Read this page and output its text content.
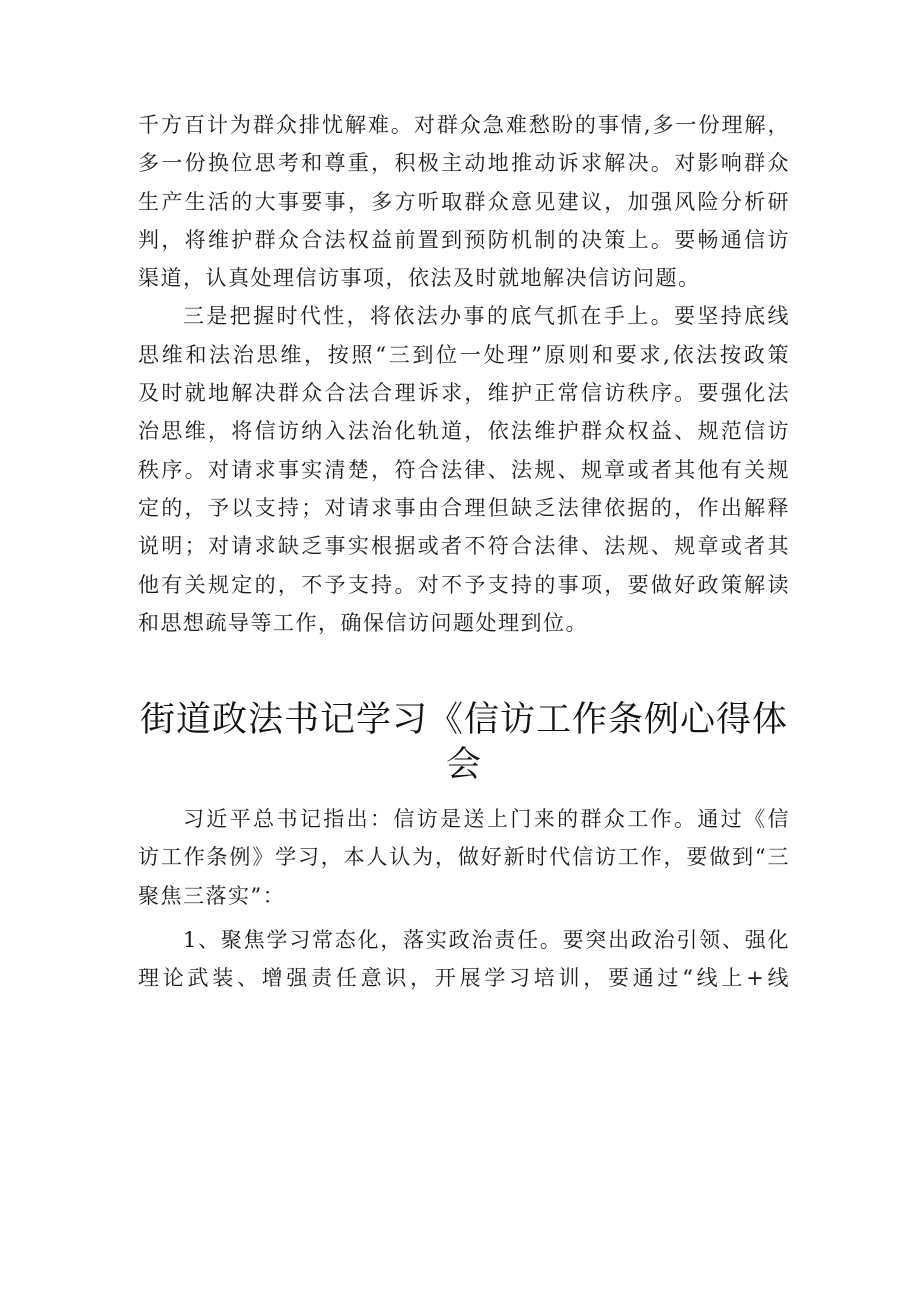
千方百计为群众排忧解难。对群众急难愁盼的事情,多一份理解，
多一份换位思考和尊重，积极主动地推动诉求解决。对影响群众
生产生活的大事要事，多方听取群众意见建议，加强风险分析研
判，将维护群众合法权益前置到预防机制的决策上。要畅通信访
渠道，认真处理信访事项，依法及时就地解决信访问题。

三是把握时代性，将依法办事的底气抓在手上。要坚持底线
思维和法治思维，按照“三到位一处理”原则和要求,依法按政策
及时就地解决群众合法合理诉求，维护正常信访秩序。要强化法
治思维，将信访纳入法治化轨道，依法维护群众权益、规范信访
秩序。对请求事实清楚，符合法律、法规、规章或者其他有关规
定的，予以支持；对请求事由合理但缺乏法律依据的，作出解释
说明；对请求缺乏事实根据或者不符合法律、法规、规章或者其
他有关规定的，不予支持。对不予支持的事项，要做好政策解读
和思想疏导等工作，确保信访问题处理到位。

街道政法书记学习《信访工作条例心得体
会

习近平总书记指出：信访是送上门来的群众工作。通过《信
访工作条例》学习，本人认为，做好新时代信访工作，要做到“三
聚焦三落实”：

1、聚焦学习常态化，落实政治责任。要突出政治引领、强化
理论武装、增强责任意识，开展学习培训，要通过“线上+线
